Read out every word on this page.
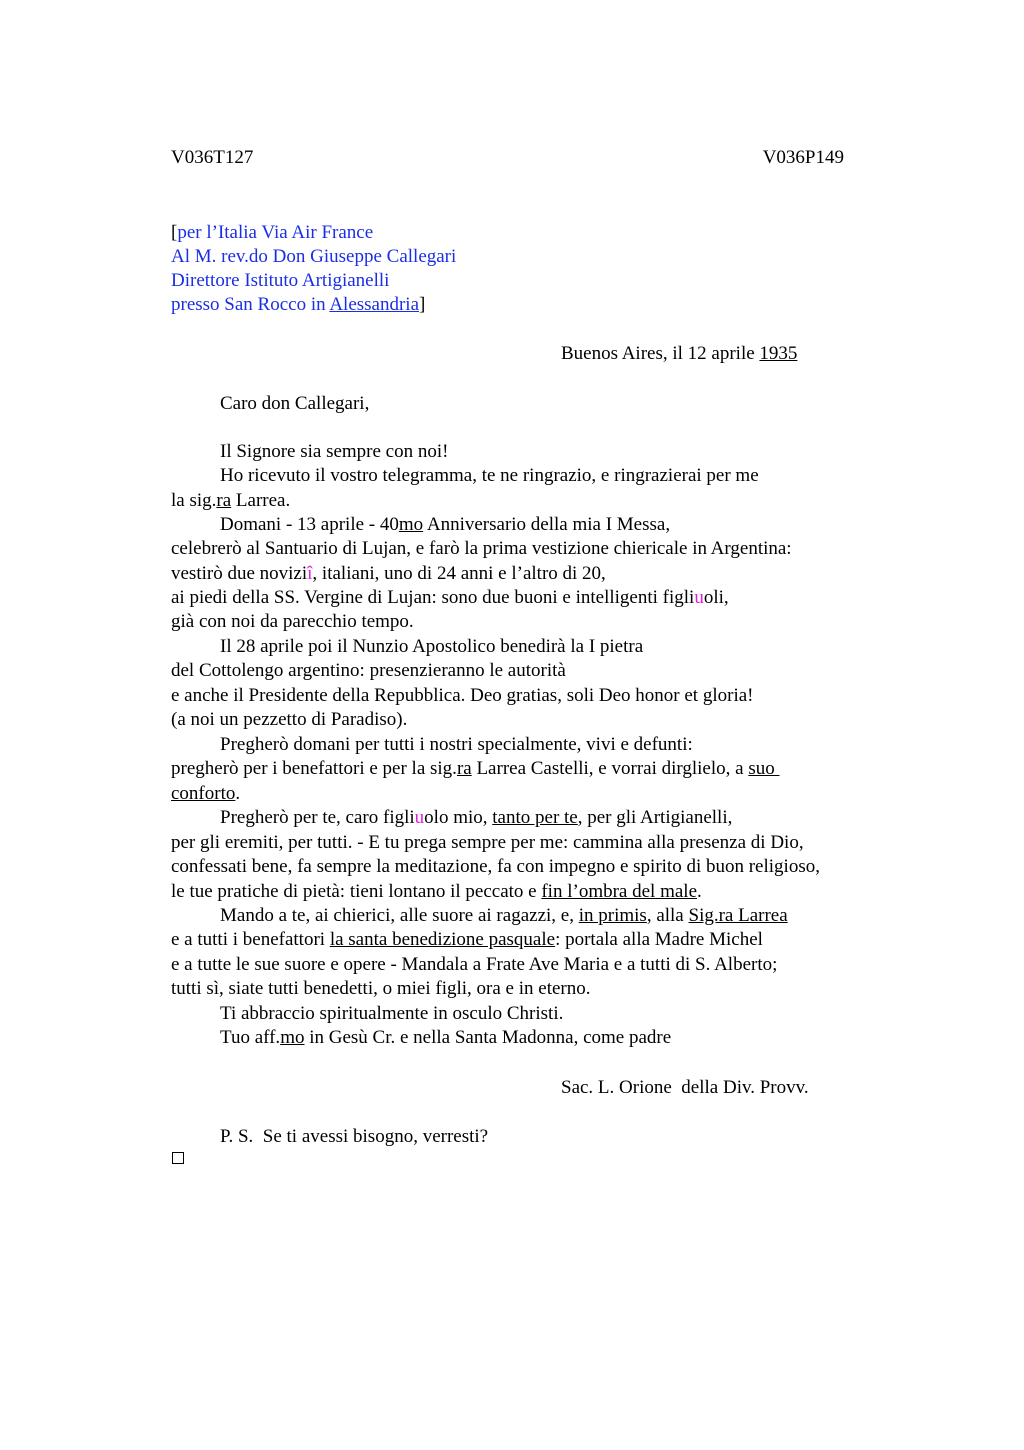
V036T127	V036P149
[per l’Italia Via Air France
Al M. rev.do Don Giuseppe Callegari
Direttore Istituto Artigianelli
presso San Rocco in Alessandria]
Buenos Aires, il 12 aprile 1935
Caro don Callegari,
Il Signore sia sempre con noi!
Ho ricevuto il vostro telegramma, te ne ringrazio, e ringrazierai per me
la sig.ra Larrea.
Domani - 13 aprile - 40mo Anniversario della mia I Messa,
celebrerò al Santuario di Lujan, e farò la prima vestizione chiericale in Argentina:
vestirò due noviziî, italiani, uno di 24 anni e l’altro di 20,
ai piedi della SS. Vergine di Lujan: sono due buoni e intelligenti figliuoli,
già con noi da parecchio tempo.
Il 28 aprile poi il Nunzio Apostolico benedirà la I pietra
del Cottolengo argentino: presenzieranno le autorità
e anche il Presidente della Repubblica. Deo gratias, soli Deo honor et gloria!
(a noi un pezzetto di Paradiso).
Pregherò domani per tutti i nostri specialmente, vivi e defunti:
pregherò per i benefattori e per la sig.ra Larrea Castelli, e vorrai dirglielo, a suo
conforto.
Pregherò per te, caro figliuolo mio, tanto per te, per gli Artigianelli,
per gli eremiti, per tutti. - E tu prega sempre per me: cammina alla presenza di Dio,
confessati bene, fa sempre la meditazione, fa con impegno e spirito di buon religioso,
le tue pratiche di pietà: tieni lontano il peccato e fin l’ombra del male.
Mando a te, ai chierici, alle suore ai ragazzi, e, in primis, alla Sig.ra Larrea
e a tutti i benefattori la santa benedizione pasquale: portala alla Madre Michel
e a tutte le sue suore e opere - Mandala a Frate Ave Maria e a tutti di S. Alberto;
tutti sì, siate tutti benedetti, o miei figli, ora e in eterno.
Ti abbraccio spiritualmente in osculo Christi.
Tuo aff.mo in Gesù Cr. e nella Santa Madonna, come padre
Sac. L. Orione  della Div. Provv.
P. S.  Se ti avessi bisogno, verresti?
